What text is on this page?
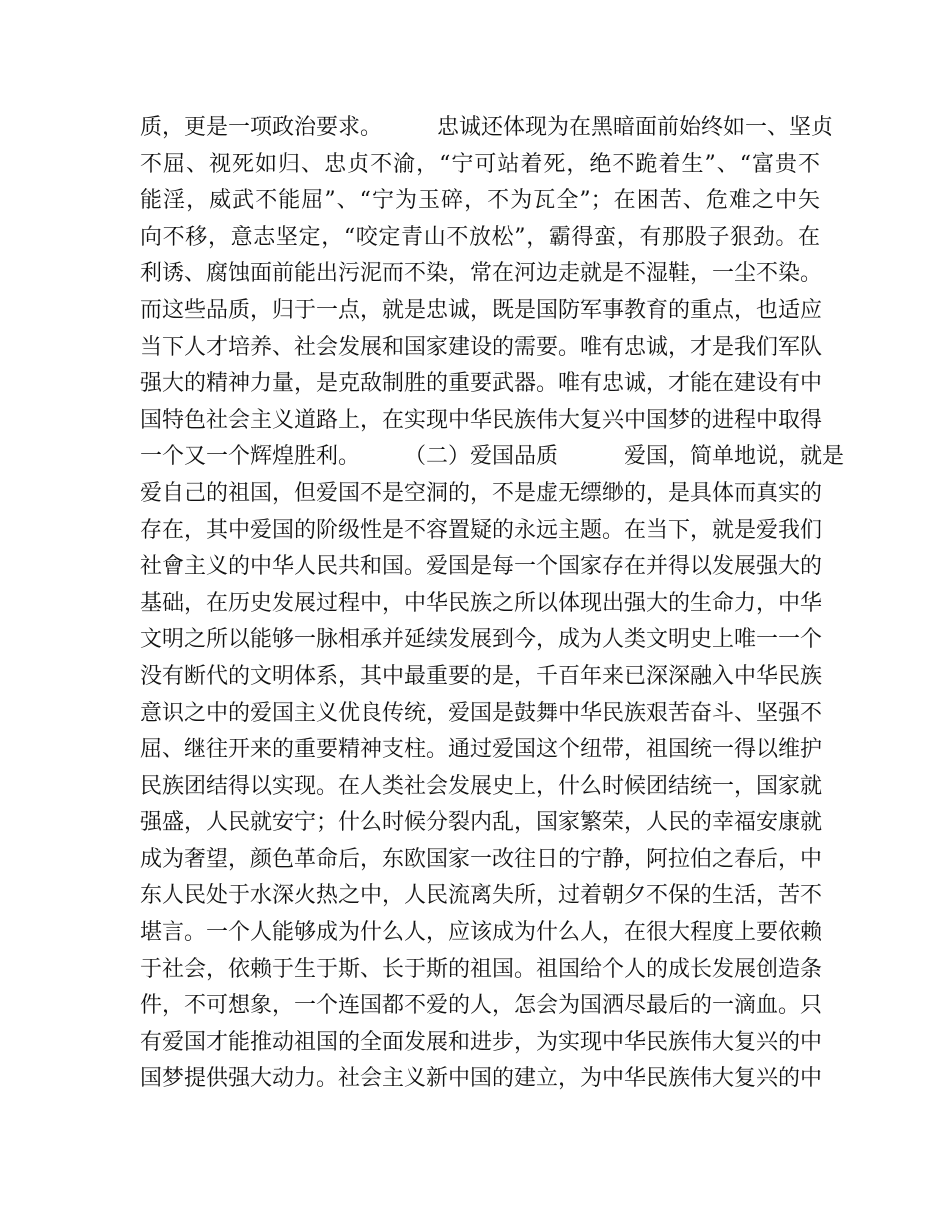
质，更是一项政治要求。　　　忠诚还体现为在黑暗面前始终如一、坚贞
不屈、视死如归、忠贞不渝，“宁可站着死，绝不跪着生”、“富贵不
能淫，威武不能屈”、“宁为玉碎，不为瓦全”；在困苦、危难之中矢
向不移，意志坚定，“咬定青山不放松”，霸得蛮，有那股子狠劲。在
利诱、腐蚀面前能出污泥而不染，常在河边走就是不湿鞋，一尘不染。
而这些品质，归于一点，就是忠诚，既是国防军事教育的重点，也适应
当下人才培养、社会发展和国家建设的需要。唯有忠诚，才是我们军队
强大的精神力量，是克敌制胜的重要武器。唯有忠诚，才能在建设有中
国特色社会主义道路上，在实现中华民族伟大复兴中国梦的进程中取得
一个又一个辉煌胜利。　　　（二）爱国品质　　　爱国，简单地说，就是
爱自己的祖国，但爱国不是空洞的，不是虚无缥缈的，是具体而真实的
存在，其中爱国的阶级性是不容置疑的永远主题。在当下，就是爱我们
社會主义的中华人民共和国。爱国是每一个国家存在并得以发展强大的
基础，在历史发展过程中，中华民族之所以体现出强大的生命力，中华
文明之所以能够一脉相承并延续发展到今，成为人类文明史上唯一一个
没有断代的文明体系，其中最重要的是，千百年来已深深融入中华民族
意识之中的爱国主义优良传统，爱国是鼓舞中华民族艰苦奋斗、坚强不
屈、继往开来的重要精神支柱。通过爱国这个纽带，祖国统一得以维护
民族团结得以实现。在人类社会发展史上，什么时候团结统一，国家就
强盛，人民就安宁；什么时候分裂内乱，国家繁荣，人民的幸福安康就
成为奢望，颜色革命后，东欧国家一改往日的宁静，阿拉伯之春后，中
东人民处于水深火热之中，人民流离失所，过着朝夕不保的生活，苦不
堪言。一个人能够成为什么人，应该成为什么人，在很大程度上要依赖
于社会，依赖于生于斯、长于斯的祖国。祖国给个人的成长发展创造条
件，不可想象，一个连国都不爱的人，怎会为国洒尽最后的一滴血。只
有爱国才能推动祖国的全面发展和进步，为实现中华民族伟大复兴的中
国梦提供强大动力。社会主义新中国的建立，为中华民族伟大复兴的中
